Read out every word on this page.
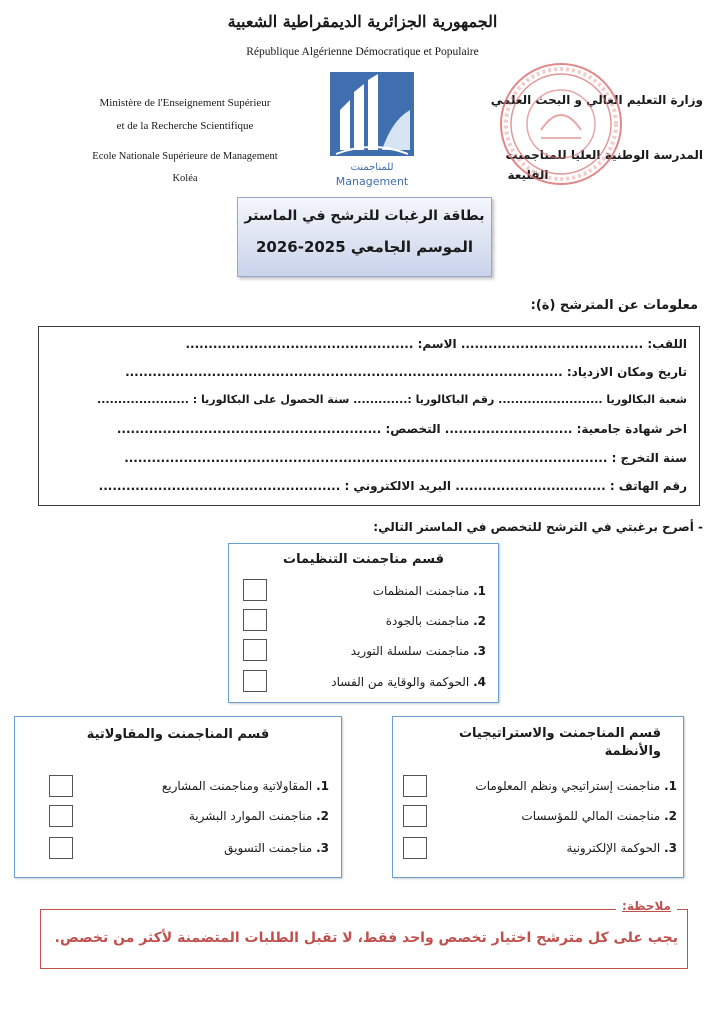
الجمهورية الجزائرية الديمقراطية الشعبية
République Algérienne Démocratique et Populaire
Ministère de l'Enseignement Supérieur
et de la Recherche Scientifique
Ecole Nationale Supérieure de Management
Koléa
وزارة التعليم العالي و البحث العلمي
المدرسة الوطنية العليا للمناجمنت
القليعة
للمناجمنت
Management
بطاقة الرغبات للترشح في الماستر
الموسم الجامعي 2025-2026
معلومات عن المترشح (ة):
اللقب: ........................................ الاسم: ..................................................
تاريخ ومكان الازدياد: ................................................................................................
شعبة البكالوريا ......................... رقم الباكالوريا :............. سنة الحصول على البكالوريا : ......................
اخر شهادة جامعية: ............................ التخصص: ..........................................................
سنة التخرج : ..........................................................................................................
رقم الهاتف : ................................. البريد الالكتروني : .....................................................
- أصرح برغبتي في الترشح للتخصص في الماستر التالي:
قسم مناجمنت التنظيمات
1. مناجمنت المنظمات
2. مناجمنت بالجودة
3. مناجمنت سلسلة التوريد
4. الحوكمة والوقاية من الفساد
قسم المناجمنت والمقاولاتية
1. المقاولاتية ومناجمنت المشاريع
2. مناجمنت الموارد البشرية
3. مناجمنت التسويق
قسم المناجمنت والاستراتيجيات
والأنظمة
1. مناجمنت إستراتيجي ونظم المعلومات
2. مناجمنت المالي للمؤسسات
3. الحوكمة الإلكترونية
ملاحظة:
يجب على كل مترشح اختيار تخصص واحد فقط، لا تقبل الطلبات المتضمنة لأكثر من تخصص.
